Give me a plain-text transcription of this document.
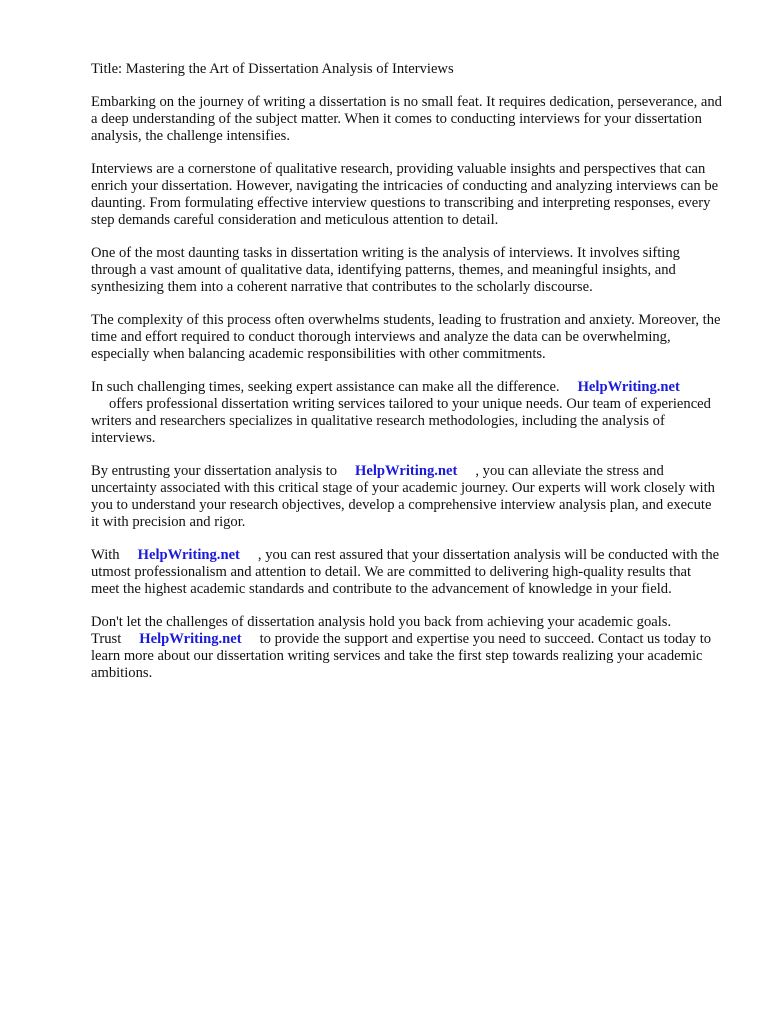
Title: Mastering the Art of Dissertation Analysis of Interviews

Embarking on the journey of writing a dissertation is no small feat. It requires dedication, perseverance, and a deep understanding of the subject matter. When it comes to conducting interviews for your dissertation analysis, the challenge intensifies.

Interviews are a cornerstone of qualitative research, providing valuable insights and perspectives that can enrich your dissertation. However, navigating the intricacies of conducting and analyzing interviews can be daunting. From formulating effective interview questions to transcribing and interpreting responses, every step demands careful consideration and meticulous attention to detail.

One of the most daunting tasks in dissertation writing is the analysis of interviews. It involves sifting through a vast amount of qualitative data, identifying patterns, themes, and meaningful insights, and synthesizing them into a coherent narrative that contributes to the scholarly discourse.

The complexity of this process often overwhelms students, leading to frustration and anxiety. Moreover, the time and effort required to conduct thorough interviews and analyze the data can be overwhelming, especially when balancing academic responsibilities with other commitments.

In such challenging times, seeking expert assistance can make all the difference. HelpWriting.net
offers professional dissertation writing services tailored to your unique needs. Our team of experienced writers and researchers specializes in qualitative research methodologies, including the analysis of interviews.

By entrusting your dissertation analysis to HelpWriting.net , you can alleviate the stress and uncertainty associated with this critical stage of your academic journey. Our experts will work closely with you to understand your research objectives, develop a comprehensive interview analysis plan, and execute it with precision and rigor.

With HelpWriting.net , you can rest assured that your dissertation analysis will be conducted with the utmost professionalism and attention to detail. We are committed to delivering high-quality results that meet the highest academic standards and contribute to the advancement of knowledge in your field.

Don't let the challenges of dissertation analysis hold you back from achieving your academic goals. Trust HelpWriting.net to provide the support and expertise you need to succeed. Contact us today to learn more about our dissertation writing services and take the first step towards realizing your academic ambitions.
